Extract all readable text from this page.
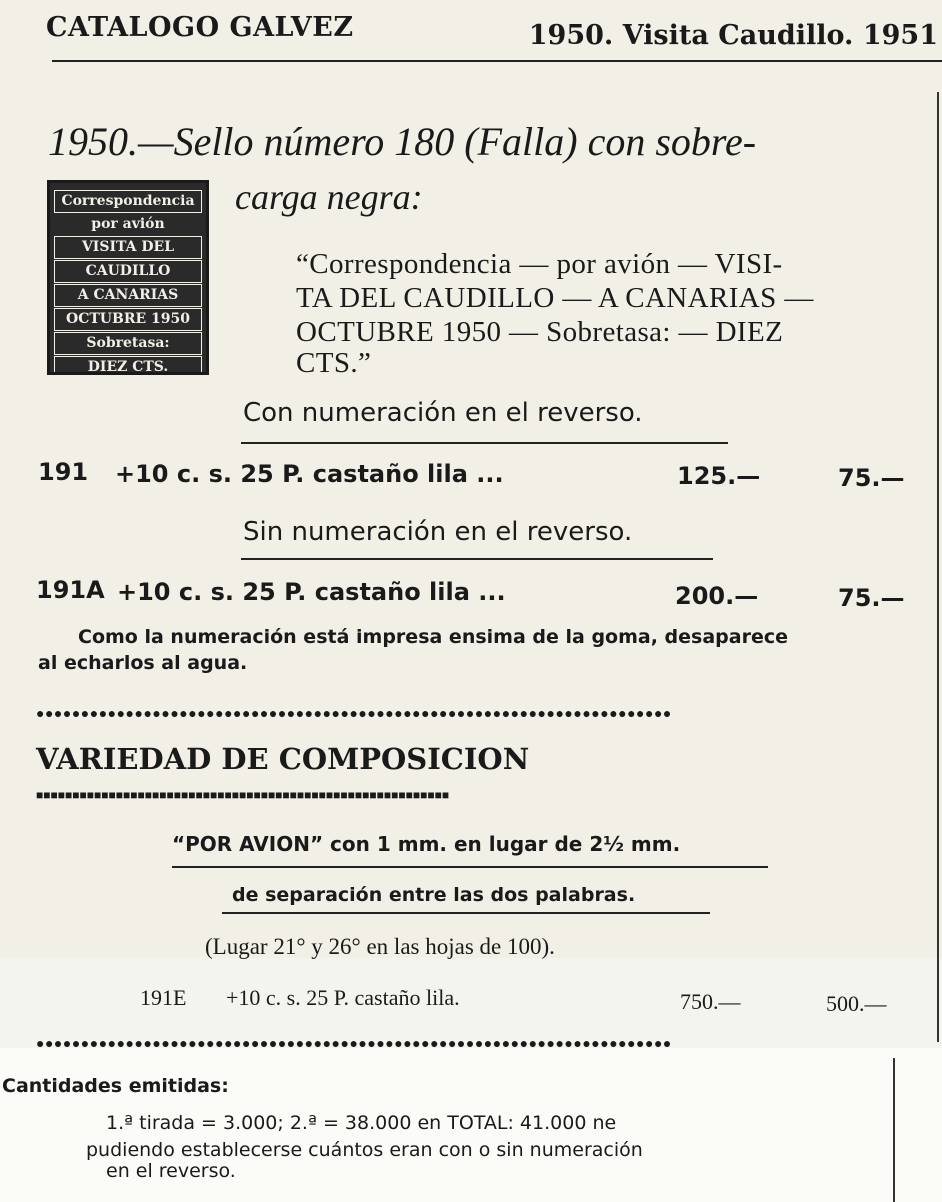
CATALOGO GALVEZ	1950. Visita Caudillo. 1951
1950.—Sello número 180 (Falla) con sobre-
carga negra:
Correspondencia
por avión
VISITA DEL
CAUDILLO
A CANARIAS
OCTUBRE 1950
Sobretasa:
DIEZ CTS.
“Correspondencia — por avión — VISI-
TA DEL CAUDILLO — A CANARIAS —
OCTUBRE 1950 — Sobretasa: — DIEZ
CTS.”
Con numeración en el reverso.
191 +10 c. s. 25 P. castaño lila ...	125.—	75.—
Sin numeración en el reverso.
191A +10 c. s. 25 P. castaño lila ...	200.—	75.—
Como la numeración está impresa ensima de la goma, desaparece
al echarlos al agua.
●●●●●●●●●●●●●●●●●●●●●●●●●●●●●●●●●●●●●●●●●●●●●●●●●●●●●●●●●●●●●●●●●●●●●●●
VARIEDAD DE COMPOSICION
■■■■■■■■■■■■■■■■■■■■■■■■■■■■■■■■■■■■■■■■■■■■■■■■■■■■■■■■■
“POR AVION” con 1 mm. en lugar de 2½ mm.
de separación entre las dos palabras.
(Lugar 21° y 26° en las hojas de 100).
191E +10 c. s. 25 P. castaño lila.	750.—	500.—
●●●●●●●●●●●●●●●●●●●●●●●●●●●●●●●●●●●●●●●●●●●●●●●●●●●●●●●●●●●●●●●●●●●●●●●
Cantidades emitidas:
1.ª tirada = 3.000; 2.ª = 38.000 en TOTAL: 41.000 ne
pudiendo establecerse cuántos eran con o sin numeración
en el reverso.
